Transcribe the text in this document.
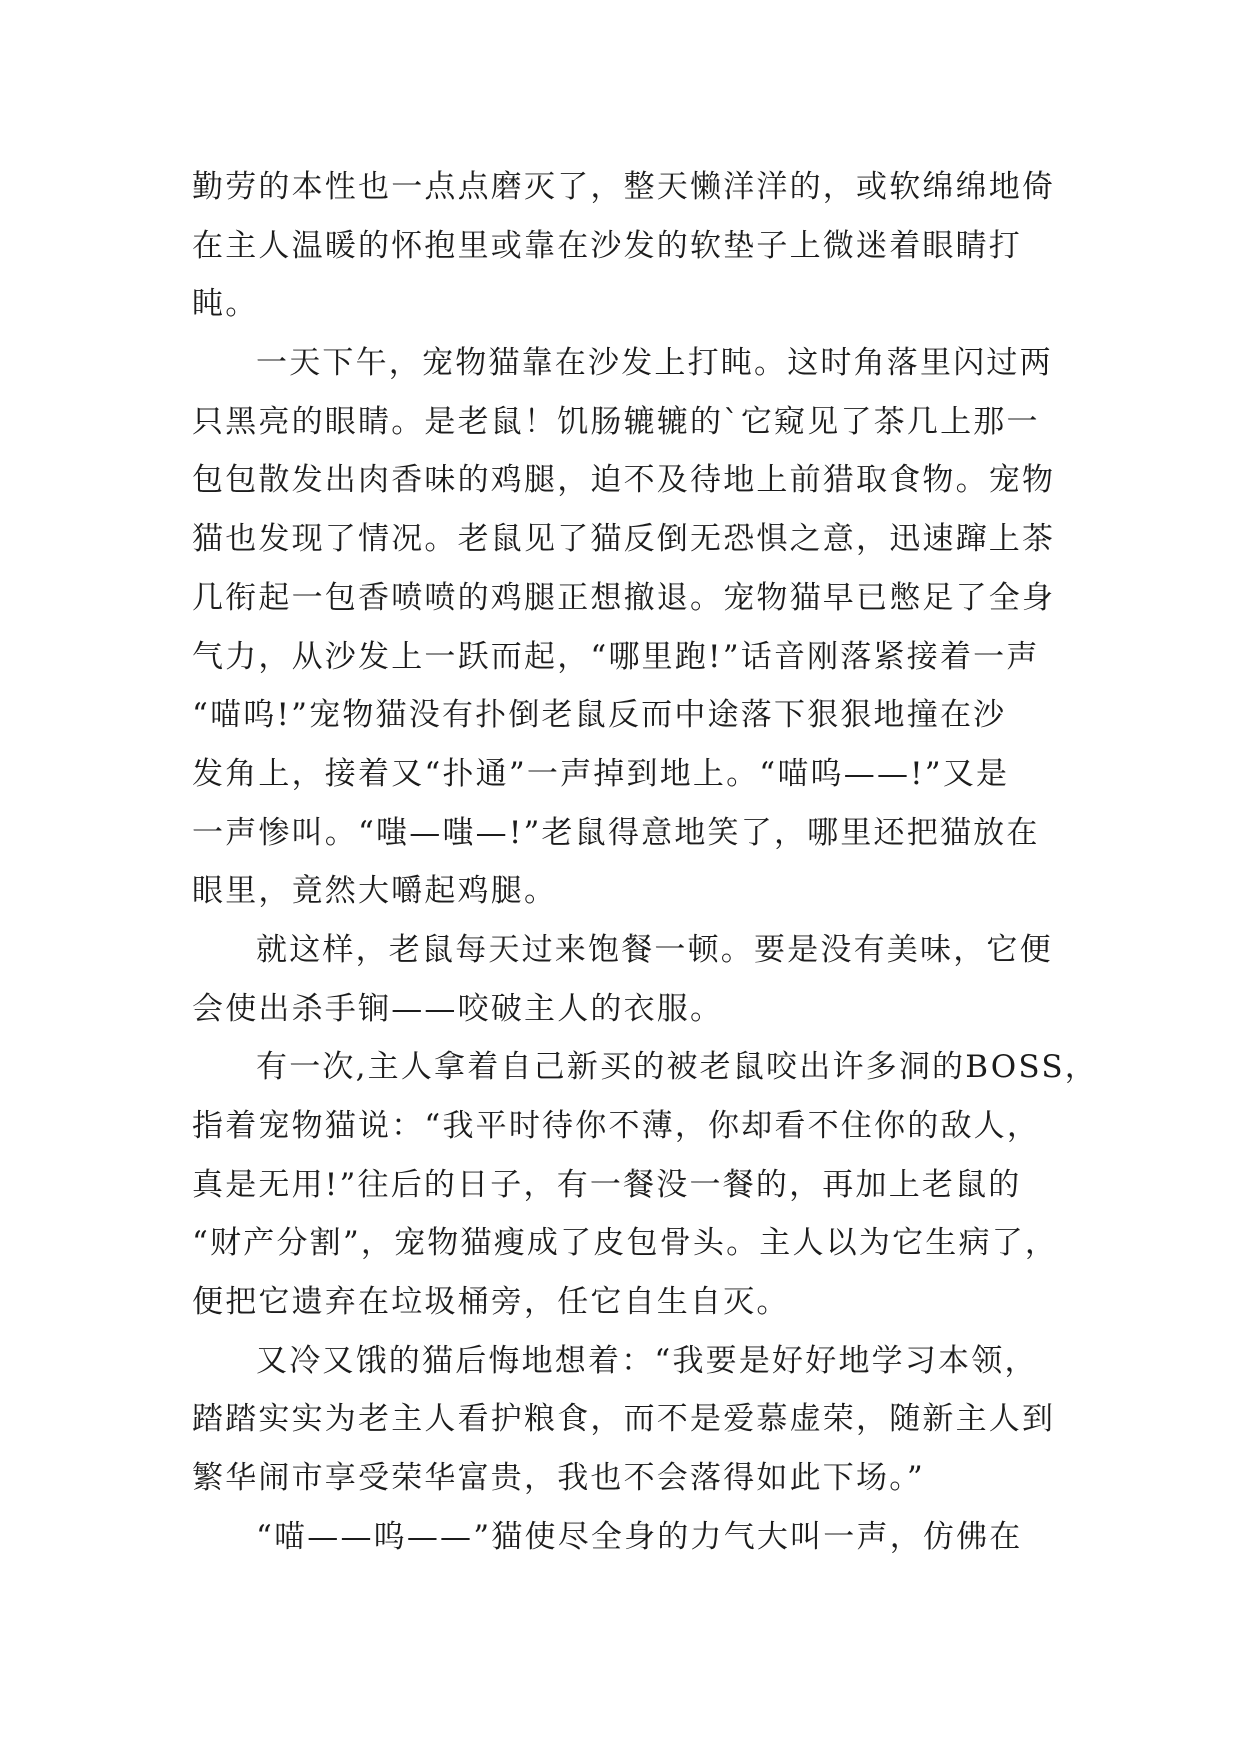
勤劳的本性也一点点磨灭了，整天懒洋洋的，或软绵绵地倚
在主人温暖的怀抱里或靠在沙发的软垫子上微迷着眼睛打
盹。
一天下午，宠物猫靠在沙发上打盹。这时角落里闪过两
只黑亮的眼睛。是老鼠！饥肠辘辘的`它窥见了茶几上那一
包包散发出肉香味的鸡腿，迫不及待地上前猎取食物。宠物
猫也发现了情况。老鼠见了猫反倒无恐惧之意，迅速蹿上茶
几衔起一包香喷喷的鸡腿正想撤退。宠物猫早已憋足了全身
气力，从沙发上一跃而起，“哪里跑!”话音刚落紧接着一声
“喵呜!”宠物猫没有扑倒老鼠反而中途落下狠狠地撞在沙
发角上，接着又“扑通”一声掉到地上。“喵呜——!”又是
一声惨叫。“嗤—嗤—!”老鼠得意地笑了，哪里还把猫放在
眼里，竟然大嚼起鸡腿。
就这样，老鼠每天过来饱餐一顿。要是没有美味，它便
会使出杀手锏——咬破主人的衣服。
有一次,主人拿着自己新买的被老鼠咬出许多洞的BOSS，
指着宠物猫说：“我平时待你不薄，你却看不住你的敌人，
真是无用!”往后的日子，有一餐没一餐的，再加上老鼠的
“财产分割”，宠物猫瘦成了皮包骨头。主人以为它生病了，
便把它遗弃在垃圾桶旁，任它自生自灭。
又冷又饿的猫后悔地想着：“我要是好好地学习本领，
踏踏实实为老主人看护粮食，而不是爱慕虚荣，随新主人到
繁华闹市享受荣华富贵，我也不会落得如此下场。”
“喵——呜——”猫使尽全身的力气大叫一声，仿佛在
